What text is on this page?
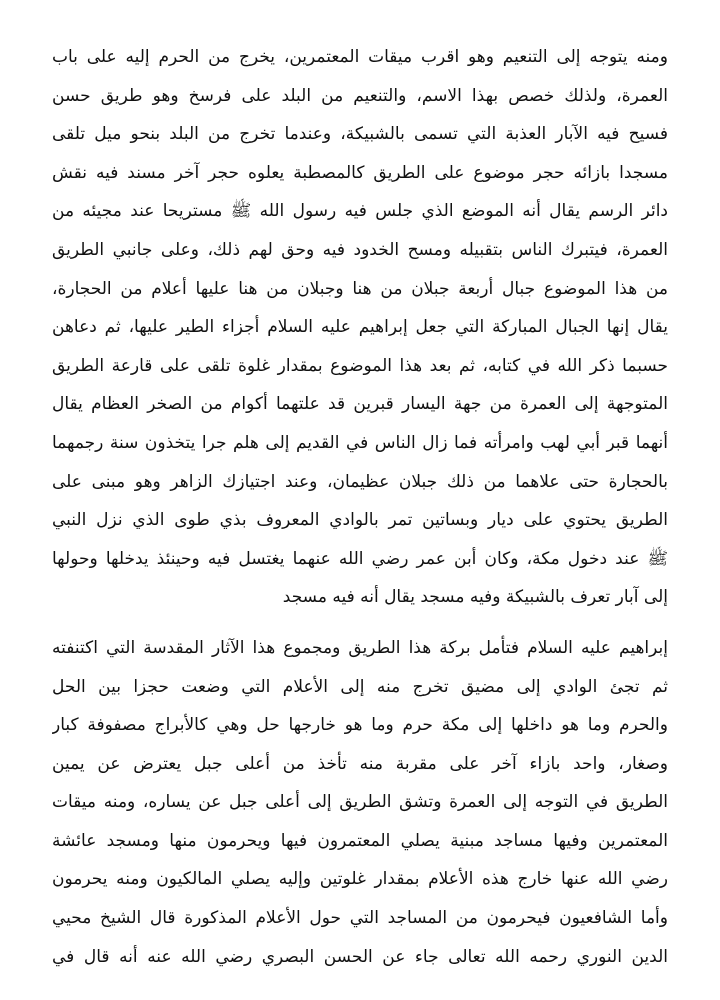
ومنه يتوجه إلى التنعيم وهو اقرب ميقات المعتمرين، يخرج من الحرم إليه على باب
العمرة، ولذلك خصص بهذا الاسم، والتنعيم من البلد على فرسخ وهو طريق حسن
فسيح فيه الآبار العذبة التي تسمى بالشبيكة، وعندما تخرج من البلد بنحو ميل تلقى
مسجدا بازائه حجر موضوع على الطريق كالمصطبة يعلوه حجر آخر مسند فيه نقش
دائر الرسم يقال أنه الموضع الذي جلس فيه رسول الله ﷺ مستريحا عند مجيئه من
العمرة، فيتبرك الناس بتقبيله ومسح الخدود فيه وحق لهم ذلك، وعلى جانبي الطريق
من هذا الموضوع جبال أربعة جبلان من هنا وجبلان من هنا عليها أعلام من الحجارة،
يقال إنها الجبال المباركة التي جعل إبراهيم عليه السلام أجزاء الطير عليها، ثم دعاهن
حسبما ذكر الله في كتابه، ثم بعد هذا الموضوع بمقدار غلوة تلقى على قارعة الطريق
المتوجهة إلى العمرة من جهة اليسار قبرين قد علتهما أكوام من الصخر العظام يقال
أنهما قبر أبي لهب وامرأته فما زال الناس في القديم إلى هلم جرا يتخذون سنة رجمهما
بالحجارة حتى علاهما من ذلك جبلان عظيمان، وعند اجتيازك الزاهر وهو مبنى على
الطريق يحتوي على ديار وبساتين تمر بالوادي المعروف بذي طوى الذي نزل النبي
ﷺ عند دخول مكة، وكان أبن عمر رضي الله عنهما يغتسل فيه وحينئذ يدخلها وحولها
إلى آبار تعرف بالشبيكة وفيه مسجد يقال أنه فيه مسجد

إبراهيم عليه السلام فتأمل بركة هذا الطريق ومجموع هذا الآثار المقدسة التي اكتنفته
ثم تجئ الوادي إلى مضيق تخرج منه إلى الأعلام التي وضعت حجزا بين الحل
والحرم وما هو داخلها إلى مكة حرم وما هو خارجها حل وهي كالأبراج مصفوفة كبار
وصغار، واحد بازاء آخر على مقربة منه تأخذ من أعلى جبل يعترض عن يمين
الطريق في التوجه إلى العمرة وتشق الطريق إلى أعلى جبل عن يساره، ومنه ميقات
المعتمرين وفيها مساجد مبنية يصلي المعتمرون فيها ويحرمون منها ومسجد عائشة
رضي الله عنها خارج هذه الأعلام بمقدار غلوتين وإليه يصلي المالكيون ومنه يحرمون
وأما الشافعيون فيحرمون من المساجد التي حول الأعلام المذكورة قال الشيخ محيي
الدين النوري رحمه الله تعالى جاء عن الحسن البصري رضي الله عنه أنه قال في
